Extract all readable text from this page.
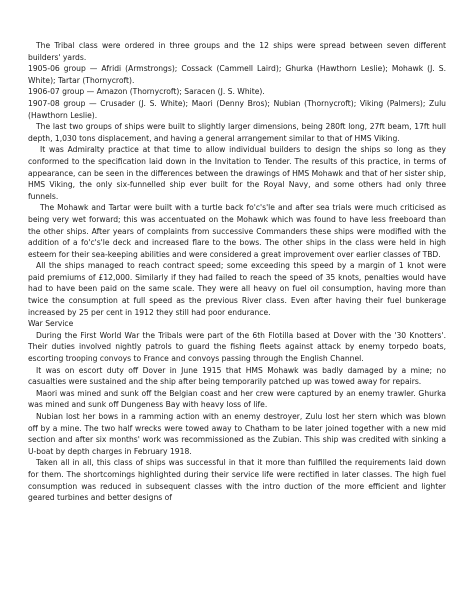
The Tribal class were ordered in three groups and the 12 ships were spread between seven different builders' yards.

1905-06 group — Afridi (Armstrongs); Cossack (Cammell Laird); Ghurka (Hawthorn Leslie); Mohawk (J. S. White); Tartar (Thornycroft).

1906-07 group — Amazon (Thornycroft); Saracen (J. S. White).

1907-08 group — Crusader (J. S. White); Maori (Denny Bros); Nubian (Thornycroft); Viking (Palmers); Zulu (Hawthorn Leslie).

The last two groups of ships were built to slightly larger dimensions, being 280ft long, 27ft beam, 17ft hull depth, 1,030 tons displacement, and having a general arrangement similar to that of HMS Viking.

It was Admiralty practice at that time to allow individual builders to design the ships so long as they conformed to the specification laid down in the Invitation to Tender. The results of this practice, in terms of appearance, can be seen in the differences between the drawings of HMS Mohawk and that of her sister ship, HMS Viking, the only six-funnelled ship ever built for the Royal Navy, and some others had only three funnels.

The Mohawk and Tartar were built with a turtle back fo'c's'le and after sea trials were much criticised as being very wet forward; this was accentuated on the Mohawk which was found to have less freeboard than the other ships. After years of complaints from successive Commanders these ships were modified with the addition of a fo'c's'le deck and increased flare to the bows. The other ships in the class were held in high esteem for their sea-keeping abilities and were considered a great improvement over earlier classes of TBD.

All the ships managed to reach contract speed; some exceeding this speed by a margin of 1 knot were paid premiums of £12,000. Similarly if they had failed to reach the speed of 35 knots, penalties would have had to have been paid on the same scale. They were all heavy on fuel oil consumption, having more than twice the consumption at full speed as the previous River class. Even after having their fuel bunkerage increased by 25 per cent in 1912 they still had poor endurance.

War Service

During the First World War the Tribals were part of the 6th Flotilla based at Dover with the '30 Knotters'. Their duties involved nightly patrols to guard the fishing fleets against attack by enemy torpedo boats, escorting trooping convoys to France and convoys passing through the English Channel.

It was on escort duty off Dover in June 1915 that HMS Mohawk was badly damaged by a mine; no casualties were sustained and the ship after being temporarily patched up was towed away for repairs.

Maori was mined and sunk off the Belgian coast and her crew were captured by an enemy trawler. Ghurka was mined and sunk off Dungeness Bay with heavy loss of life.

Nubian lost her bows in a ramming action with an enemy destroyer, Zulu lost her stern which was blown off by a mine. The two half wrecks were towed away to Chatham to be later joined together with a new mid section and after six months' work was recommissioned as the Zubian. This ship was credited with sinking a U-boat by depth charges in February 1918.

Taken all in all, this class of ships was successful in that it more than fulfilled the requirements laid down for them. The shortcomings highlighted during their service life were rectified in later classes. The high fuel consumption was reduced in subsequent classes with the intro duction of the more efficient and lighter geared turbines and better designs of
